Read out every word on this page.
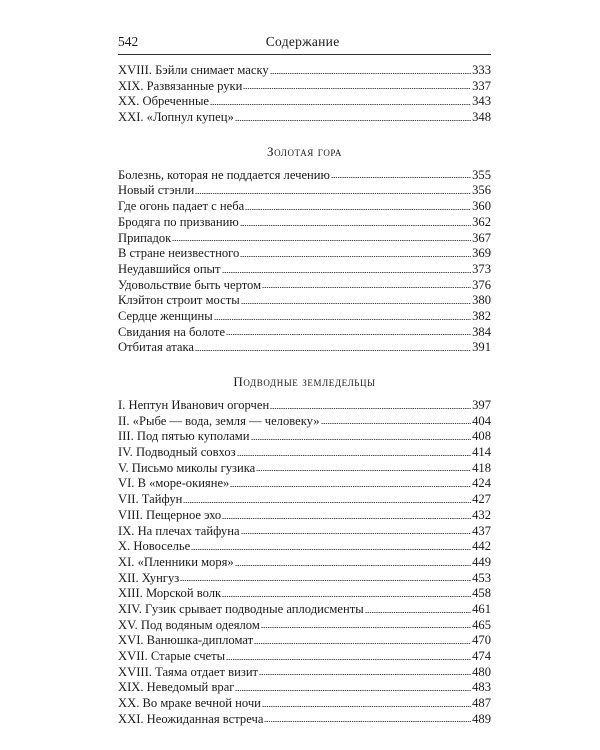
542	Содержание
XVIII. Бэйли снимает маску	333
XIX. Развязанные руки	337
XX. Обреченные	343
XXI. «Лопнул купец»	348
Золотая гора
Болезнь, которая не поддается лечению	355
Новый стэнли	356
Где огонь падает с неба	360
Бродяга по призванию	362
Припадок	367
В стране неизвестного	369
Неудавшийся опыт	373
Удовольствие быть чертом	376
Клэйтон строит мосты	380
Сердце женщины	382
Свидания на болоте	384
Отбитая атака	391
Подводные земледельцы
I. Нептун Иванович огорчен	397
II. «Рыбе — вода, земля — человеку»	404
III. Под пятью куполами	408
IV. Подводный совхоз	414
V. Письмо миколы гузика	418
VI. В «море-окияне»	424
VII. Тайфун	427
VIII. Пещерное эхо	432
IX. На плечах тайфуна	437
X. Новоселье	442
XI. «Пленники моря»	449
XII. Хунгуз	453
XIII. Морской волк	458
XIV. Гузик срывает подводные аплодисменты	461
XV. Под водяным одеялом	465
XVI. Ванюшка-дипломат	470
XVII. Старые счеты	474
XVIII. Таяма отдает визит	480
XIX. Неведомый враг	483
XX. Во мраке вечной ночи	487
XXI. Неожиданная встреча	489
